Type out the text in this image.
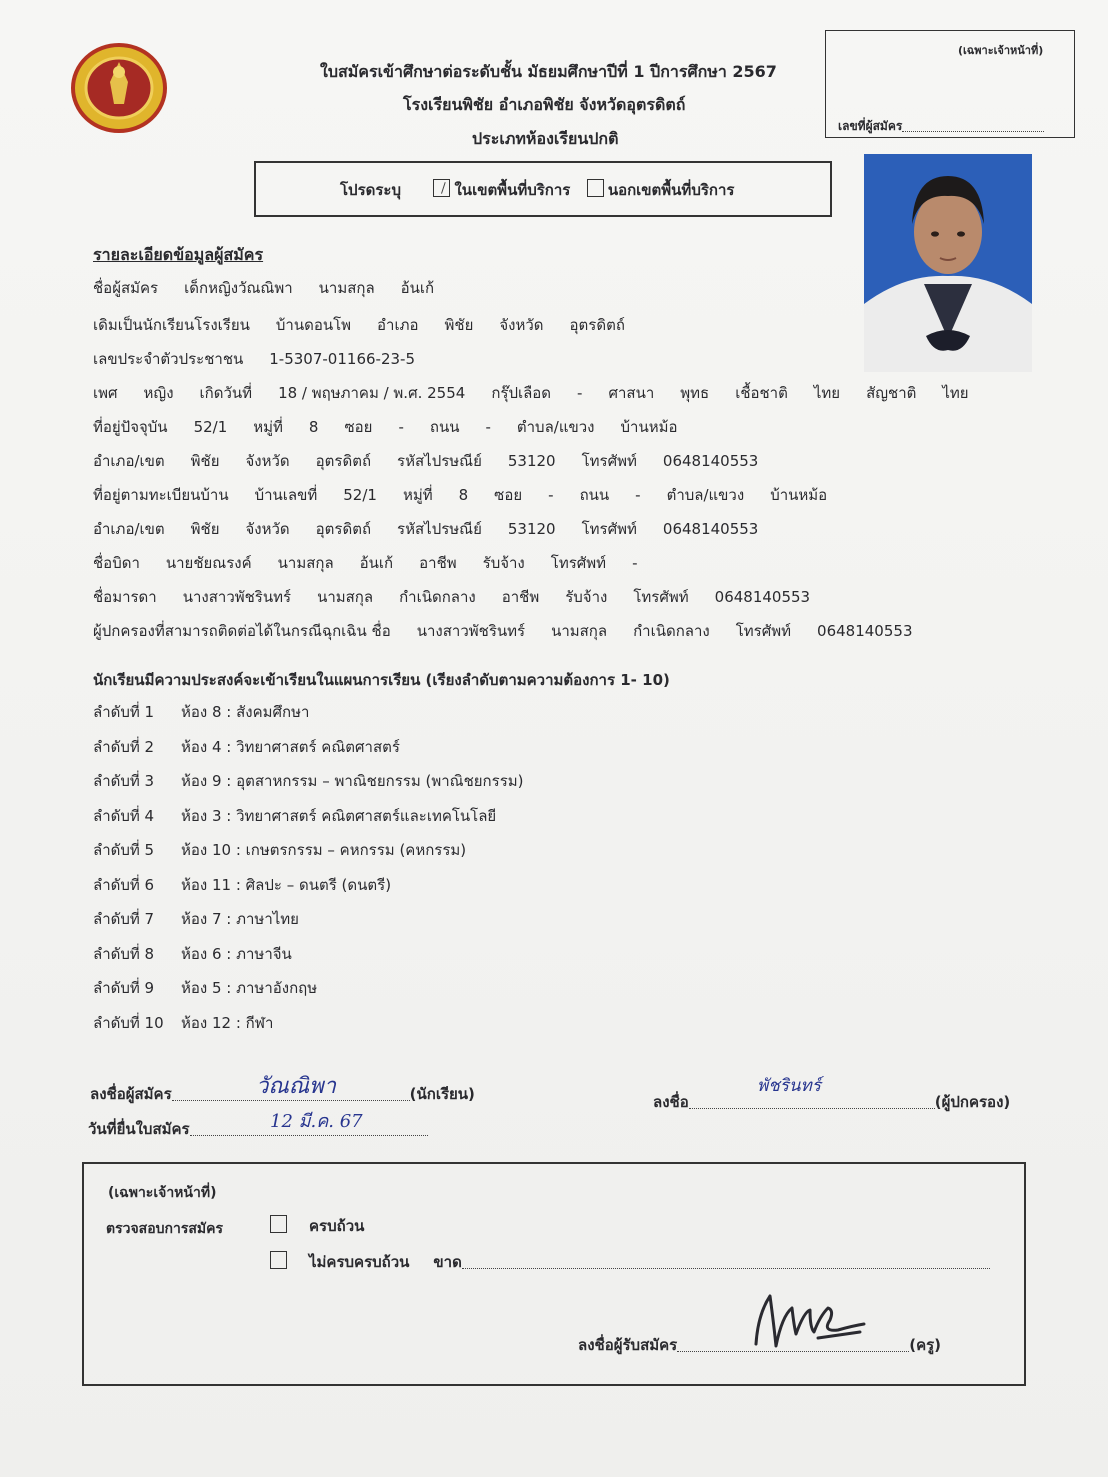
ใบสมัครเข้าศึกษาต่อระดับชั้น มัธยมศึกษาปีที่ 1 ปีการศึกษา 2567
โรงเรียนพิชัย อำเภอพิชัย จังหวัดอุตรดิตถ์
ประเภทห้องเรียนปกติ
(เฉพาะเจ้าหน้าที่)
เลขที่ผู้สมัคร
โปรดระบุ	ในเขตพื้นที่บริการ นอกเขตพื้นที่บริการ
รายละเอียดข้อมูลผู้สมัคร
ชื่อผู้สมัคร เด็กหญิงวัณณิพา นามสกุล อ้นเก้
เดิมเป็นนักเรียนโรงเรียน บ้านดอนโพ อำเภอ พิชัย จังหวัด อุตรดิตถ์
เลขประจำตัวประชาชน 1-5307-01166-23-5
เพศ หญิง เกิดวันที่ 18 / พฤษภาคม / พ.ศ. 2554 กรุ๊ปเลือด - ศาสนา พุทธ เชื้อชาติ ไทย สัญชาติ ไทย
ที่อยู่ปัจจุบัน 52/1 หมู่ที่ 8 ซอย - ถนน - ตำบล/แขวง บ้านหม้อ
อำเภอ/เขต พิชัย จังหวัด อุตรดิตถ์ รหัสไปรษณีย์ 53120 โทรศัพท์ 0648140553
ที่อยู่ตามทะเบียนบ้าน บ้านเลขที่ 52/1 หมู่ที่ 8 ซอย - ถนน - ตำบล/แขวง บ้านหม้อ
อำเภอ/เขต พิชัย จังหวัด อุตรดิตถ์ รหัสไปรษณีย์ 53120 โทรศัพท์ 0648140553
ชื่อบิดา นายชัยณรงค์ นามสกุล อ้นเก้ อาชีพ รับจ้าง โทรศัพท์ -
ชื่อมารดา นางสาวพัชรินทร์ นามสกุล กำเนิดกลาง อาชีพ รับจ้าง โทรศัพท์ 0648140553
ผู้ปกครองที่สามารถติดต่อได้ในกรณีฉุกเฉิน ชื่อ นางสาวพัชรินทร์ นามสกุล กำเนิดกลาง โทรศัพท์ 0648140553
นักเรียนมีความประสงค์จะเข้าเรียนในแผนการเรียน (เรียงลำดับตามความต้องการ 1- 10)
ลำดับที่ 1 ห้อง 8 : สังคมศึกษา
ลำดับที่ 2 ห้อง 4 : วิทยาศาสตร์ คณิตศาสตร์
ลำดับที่ 3 ห้อง 9 : อุตสาหกรรม – พาณิชยกรรม (พาณิชยกรรม)
ลำดับที่ 4 ห้อง 3 : วิทยาศาสตร์ คณิตศาสตร์และเทคโนโลยี
ลำดับที่ 5 ห้อง 10 : เกษตรกรรม – คหกรรม (คหกรรม)
ลำดับที่ 6 ห้อง 11 : ศิลปะ – ดนตรี (ดนตรี)
ลำดับที่ 7 ห้อง 7 : ภาษาไทย
ลำดับที่ 8 ห้อง 6 : ภาษาจีน
ลำดับที่ 9 ห้อง 5 : ภาษาอังกฤษ
ลำดับที่ 10 ห้อง 12 : กีฬา
ลงชื่อผู้สมัคร	(นักเรียน)
วัณณิพา
วันที่ยื่นใบสมัคร	12 มี.ค. 67
ลงชื่อ	(ผู้ปกครอง)
พัชรินทร์
(เฉพาะเจ้าหน้าที่)
ตรวจสอบการสมัคร	ครบถ้วน
ไม่ครบครบถ้วน ขาด
ลงชื่อผู้รับสมัคร	(ครู)
